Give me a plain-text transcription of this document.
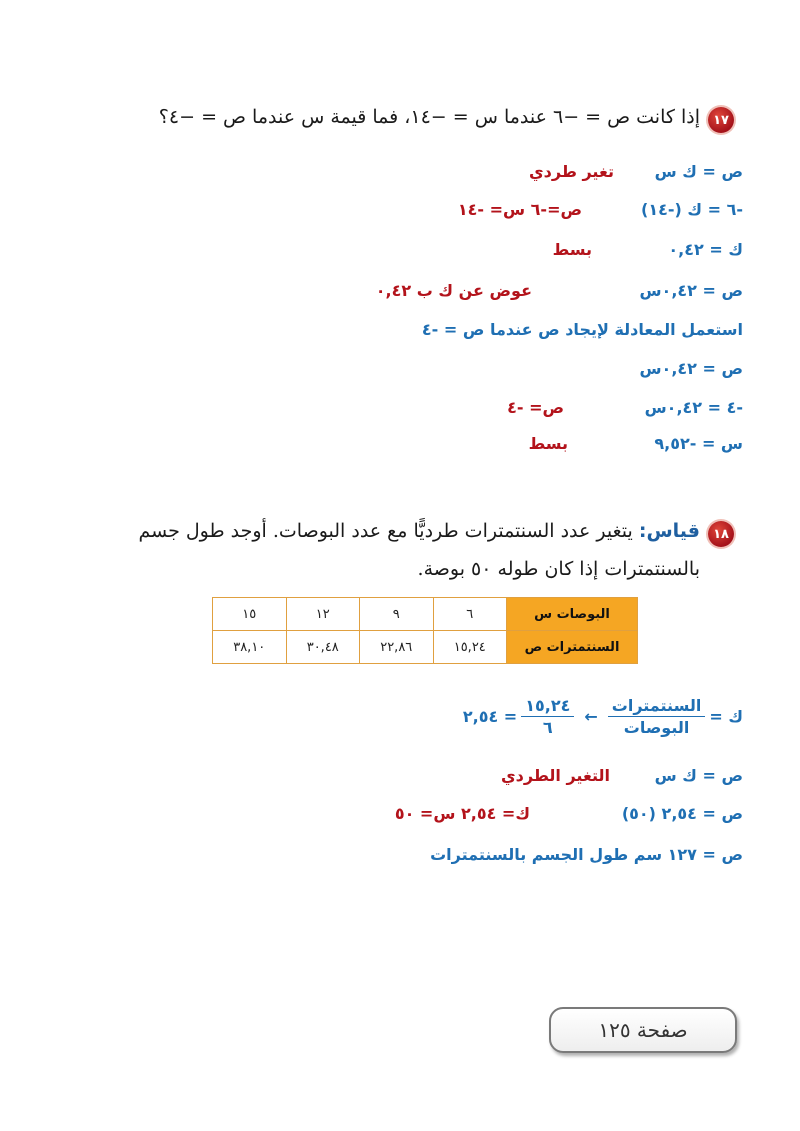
١٧
إذا كانت ص = −٦ عندما س = −١٤، فما قيمة س عندما ص = −٤؟
ص = ك س
تغير طردي
-٦ = ك (-١٤)
ص=-٦ س= -١٤
ك = ٠,٤٢
بسط
ص = ٠,٤٢س
عوض عن ك ب ٠,٤٢
استعمل المعادلة لإيجاد ص عندما ص = -٤
ص = ٠,٤٢س
-٤ = ٠,٤٢س
ص= -٤
س = -٩,٥٢
بسط
١٨
قياس: يتغير عدد السنتمترات طرديًّا مع عدد البوصات. أوجد طول جسم
بالسنتمترات إذا كان طوله ٥٠ بوصة.
البوصات س	٦	٩	١٢	١٥
السنتمترات ص	١٥,٢٤	٢٢,٨٦	٣٠,٤٨	٣٨,١٠
ك =
$\frac{\text{السنتمترات}}{\text{البوصات}}$
←
$\frac{١٥,٢٤}{٦}$
= ٢,٥٤
ص = ك س
التغير الطردي
ص = ٢,٥٤ (٥٠)
ك= ٢,٥٤ س= ٥٠
ص = ١٢٧ سم طول الجسم بالسنتمترات
صفحة ١٢٥
